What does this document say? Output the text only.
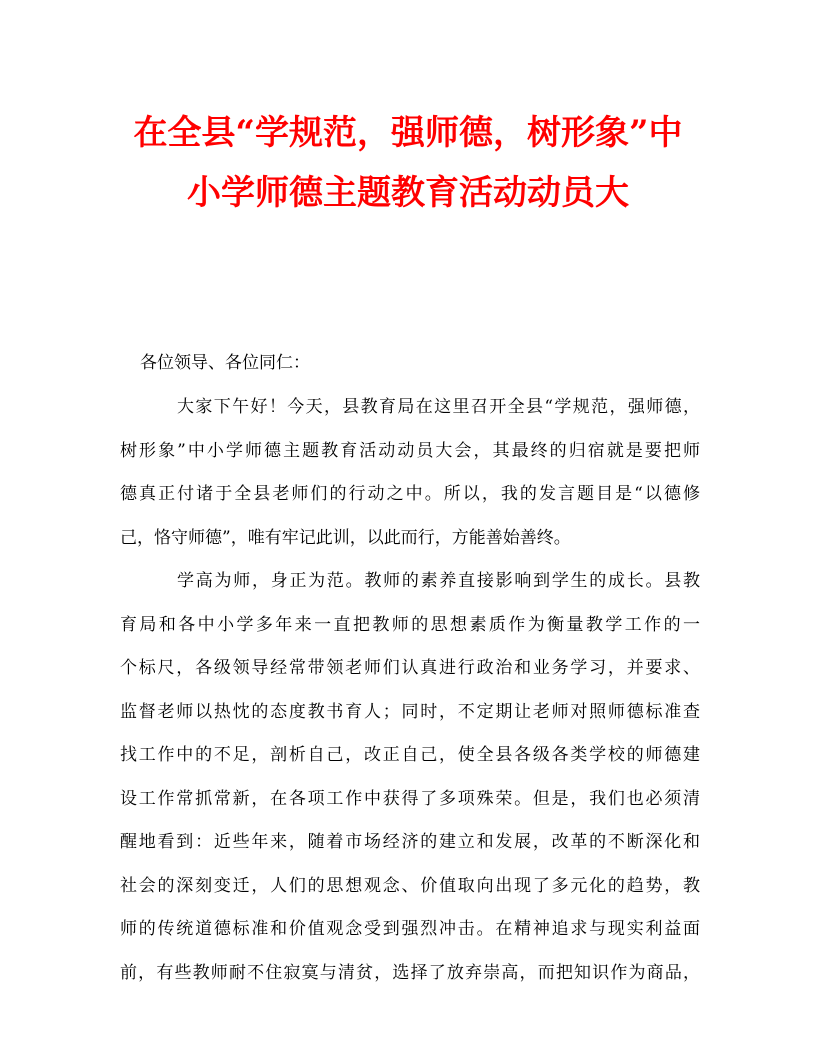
在全县“学规范，强师德，树形象”中
小学师德主题教育活动动员大
各位领导、各位同仁：
大家下午好！今天，县教育局在这里召开全县“学规范，强师德，
树形象”中小学师德主题教育活动动员大会，其最终的归宿就是要把师
德真正付诸于全县老师们的行动之中。所以，我的发言题目是“以德修
己，恪守师德”，唯有牢记此训，以此而行，方能善始善终。
学高为师，身正为范。教师的素养直接影响到学生的成长。县教
育局和各中小学多年来一直把教师的思想素质作为衡量教学工作的一
个标尺，各级领导经常带领老师们认真进行政治和业务学习，并要求、
监督老师以热忱的态度教书育人；同时，不定期让老师对照师德标准查
找工作中的不足，剖析自己，改正自己，使全县各级各类学校的师德建
设工作常抓常新，在各项工作中获得了多项殊荣。但是，我们也必须清
醒地看到：近些年来，随着市场经济的建立和发展，改革的不断深化和
社会的深刻变迁，人们的思想观念、价值取向出现了多元化的趋势，教
师的传统道德标准和价值观念受到强烈冲击。在精神追求与现实利益面
前，有些教师耐不住寂寞与清贫，选择了放弃崇高，而把知识作为商品，
